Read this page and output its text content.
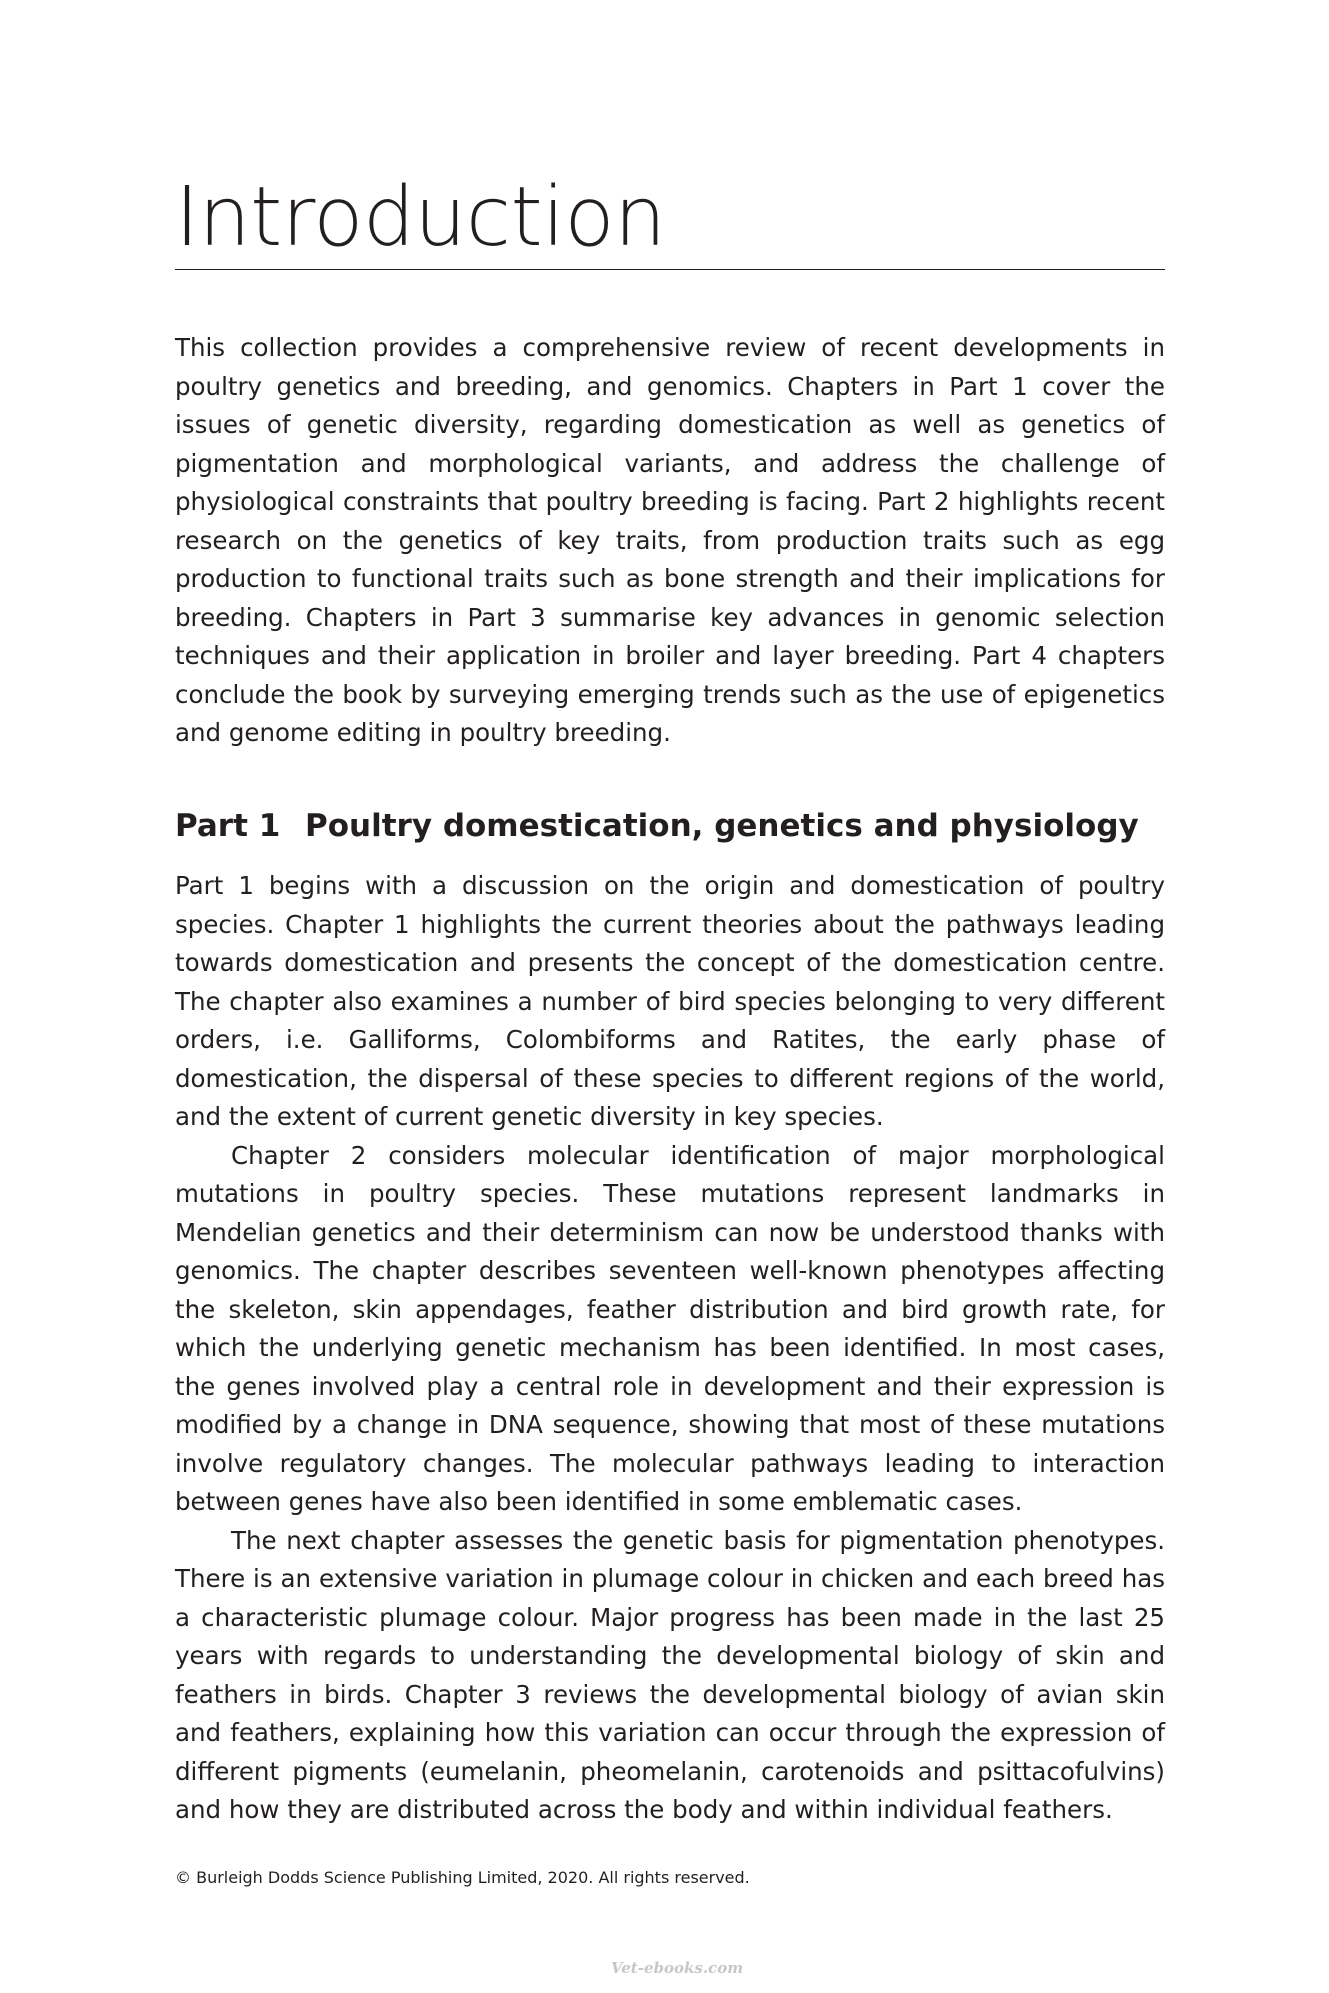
Introduction

This collection provides a comprehensive review of recent developments in poultry genetics and breeding, and genomics. Chapters in Part 1 cover the issues of genetic diversity, regarding domestication as well as genetics of pigmentation and morphological variants, and address the challenge of physiological constraints that poultry breeding is facing. Part 2 highlights recent research on the genetics of key traits, from production traits such as egg production to functional traits such as bone strength and their implications for breeding. Chapters in Part 3 summarise key advances in genomic selection techniques and their application in broiler and layer breeding. Part 4 chapters conclude the book by surveying emerging trends such as the use of epigenetics and genome editing in poultry breeding.

Part 1 Poultry domestication, genetics and physiology

Part 1 begins with a discussion on the origin and domestication of poultry species. Chapter 1 highlights the current theories about the pathways leading towards domestication and presents the concept of the domestication centre. The chapter also examines a number of bird species belonging to very different orders, i.e. Galliforms, Colombiforms and Ratites, the early phase of domestication, the dispersal of these species to different regions of the world, and the extent of current genetic diversity in key species.

Chapter 2 considers molecular identification of major morphological mutations in poultry species. These mutations represent landmarks in Mendelian genetics and their determinism can now be understood thanks with genomics. The chapter describes seventeen well-known phenotypes affecting the skeleton, skin appendages, feather distribution and bird growth rate, for which the underlying genetic mechanism has been identified. In most cases, the genes involved play a central role in development and their expression is modified by a change in DNA sequence, showing that most of these mutations involve regulatory changes. The molecular pathways leading to interaction between genes have also been identified in some emblematic cases.

The next chapter assesses the genetic basis for pigmentation phenotypes. There is an extensive variation in plumage colour in chicken and each breed has a characteristic plumage colour. Major progress has been made in the last 25 years with regards to understanding the developmental biology of skin and feathers in birds. Chapter 3 reviews the developmental biology of avian skin and feathers, explaining how this variation can occur through the expression of different pigments (eumelanin, pheomelanin, carotenoids and psittacofulvins) and how they are distributed across the body and within individual feathers.

© Burleigh Dodds Science Publishing Limited, 2020. All rights reserved.
Vet-ebooks.com
